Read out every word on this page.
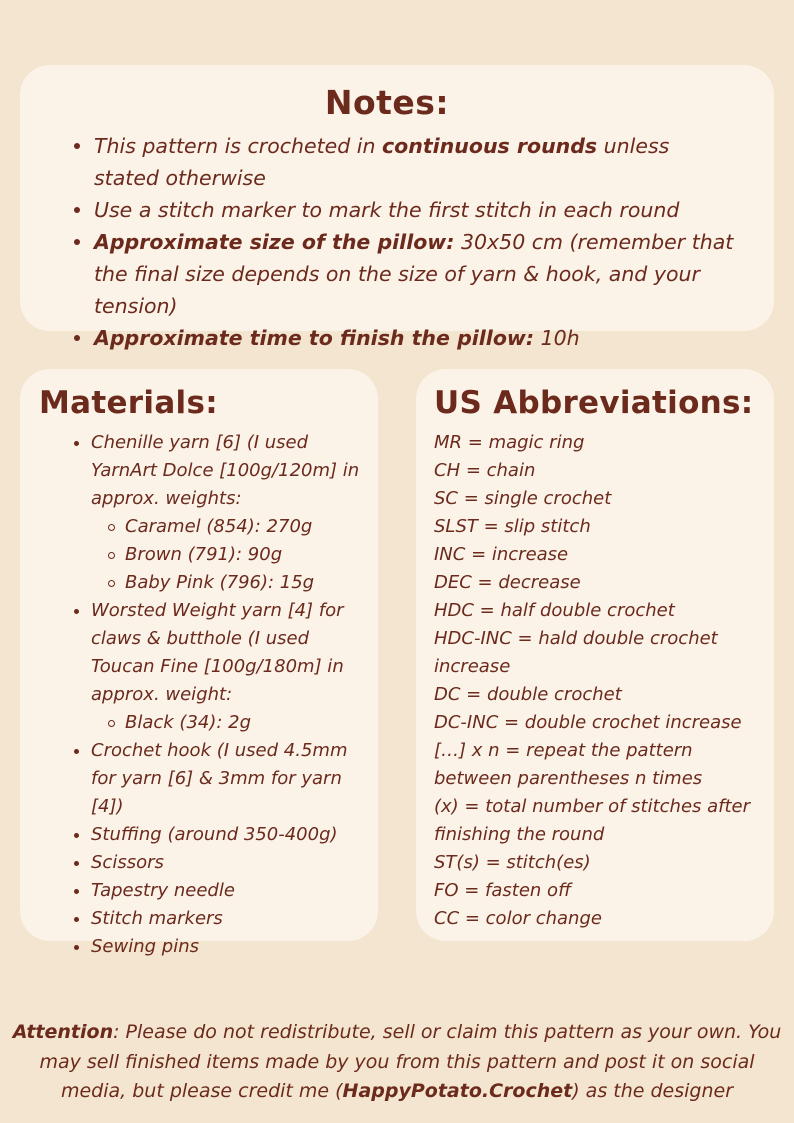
Notes:
This pattern is crocheted in continuous rounds unless stated otherwise
Use a stitch marker to mark the first stitch in each round
Approximate size of the pillow: 30x50 cm (remember that the final size depends on the size of yarn & hook, and your tension)
Approximate time to finish the pillow: 10h
Materials:
Chenille yarn [6] (I used YarnArt Dolce [100g/120m] in approx. weights:
Caramel (854): 270g
Brown (791): 90g
Baby Pink (796): 15g
Worsted Weight yarn [4] for claws & butthole (I used Toucan Fine [100g/180m] in approx. weight:
Black (34): 2g
Crochet hook (I used 4.5mm for yarn [6] & 3mm for yarn [4])
Stuffing (around 350-400g)
Scissors
Tapestry needle
Stitch markers
Sewing pins
US Abbreviations:
MR = magic ring
CH = chain
SC = single crochet
SLST = slip stitch
INC = increase
DEC = decrease
HDC = half double crochet
HDC-INC = hald double crochet increase
DC = double crochet
DC-INC = double crochet increase
[…] x n = repeat the pattern between parentheses n times
(x) = total number of stitches after finishing the round
ST(s) = stitch(es)
FO = fasten off
CC = color change

Attention: Please do not redistribute, sell or claim this pattern as your own. You may sell finished items made by you from this pattern and post it on social media, but please credit me (HappyPotato.Crochet) as the designer
